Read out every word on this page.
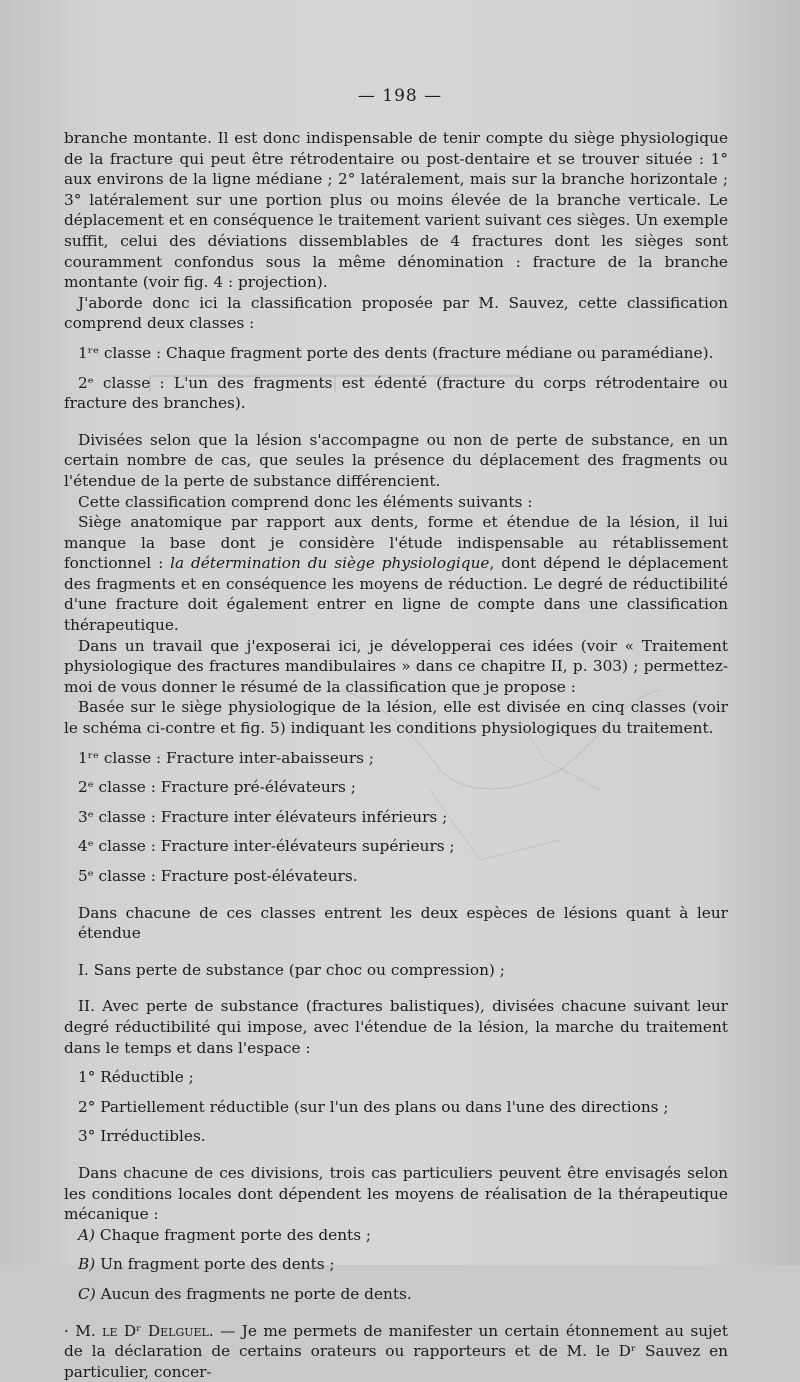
— 198 —

branche montante. Il est donc indispensable de tenir compte du siège physiologique de la fracture qui peut être rétrodentaire ou post-dentaire et se trouver située : 1° aux environs de la ligne médiane ; 2° latéralement, mais sur la branche horizontale ; 3° latéralement sur une portion plus ou moins élevée de la branche verticale. Le déplacement et en conséquence le traitement varient suivant ces sièges. Un exemple suffit, celui des déviations dissemblables de 4 fractures dont les sièges sont couramment confondus sous la même dénomination : fracture de la branche montante (voir fig. 4 : projection).

J'aborde donc ici la classification proposée par M. Sauvez, cette classification comprend deux classes :

1ʳᵉ classe : Chaque fragment porte des dents (fracture médiane ou paramédiane).

2ᵉ classe : L'un des fragments est édenté (fracture du corps rétrodentaire ou fracture des branches).

Divisées selon que la lésion s'accompagne ou non de perte de substance, en un certain nombre de cas, que seules la présence du déplacement des fragments ou l'étendue de la perte de substance différencient.

Cette classification comprend donc les éléments suivants :

Siège anatomique par rapport aux dents, forme et étendue de la lésion, il lui manque la base dont je considère l'étude indispensable au rétablissement fonctionnel : la détermination du siège physiologique, dont dépend le déplacement des fragments et en conséquence les moyens de réduction. Le degré de réductibilité d'une fracture doit également entrer en ligne de compte dans une classification thérapeutique.

Dans un travail que j'exposerai ici, je développerai ces idées (voir « Traitement physiologique des fractures mandibulaires » dans ce chapitre II, p. 303) ; permettez-moi de vous donner le résumé de la classification que je propose :

Basée sur le siège physiologique de la lésion, elle est divisée en cinq classes (voir le schéma ci-contre et fig. 5) indiquant les conditions physiologiques du traitement.

1ʳᵉ classe : Fracture inter-abaisseurs ;

2ᵉ classe : Fracture pré-élévateurs ;

3ᵉ classe : Fracture inter élévateurs inférieurs ;

4ᵉ classe : Fracture inter-élévateurs supérieurs ;

5ᵉ classe : Fracture post-élévateurs.

Dans chacune de ces classes entrent les deux espèces de lésions quant à leur étendue

I. Sans perte de substance (par choc ou compression) ;

II. Avec perte de substance (fractures balistiques), divisées chacune suivant leur degré réductibilité qui impose, avec l'étendue de la lésion, la marche du traitement dans le temps et dans l'espace :

1° Réductible ;

2° Partiellement réductible (sur l'un des plans ou dans l'une des directions ;

3° Irréductibles.

Dans chacune de ces divisions, trois cas particuliers peuvent être envisagés selon les conditions locales dont dépendent les moyens de réalisation de la thérapeutique mécanique :

A) Chaque fragment porte des dents ;

B) Un fragment porte des dents ;

C) Aucun des fragments ne porte de dents.

· M. le Dʳ Delguel. — Je me permets de manifester un certain étonnement au sujet de la déclaration de certains orateurs ou rapporteurs et de M. le Dʳ Sauvez en particulier, concer-
